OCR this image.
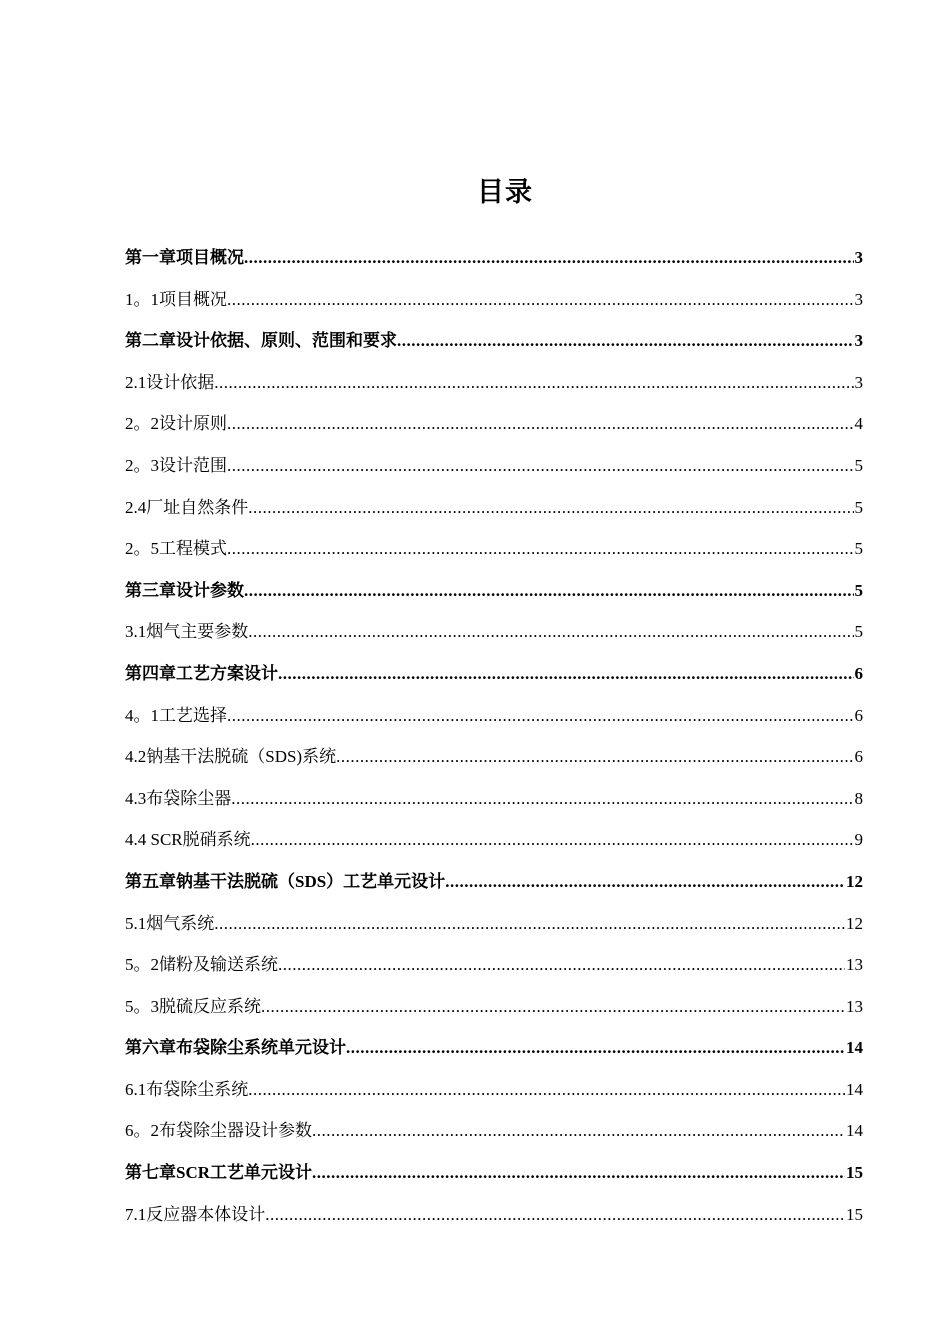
目录
第一章项目概况 .....	3
1。1项目概况 .....	3
第二章设计依据、原则、范围和要求 .....	3
2.1设计依据 .....	3
2。2设计原则 .....	4
2。3设计范围 .....	5
2.4厂址自然条件 .....	5
2。5工程模式 .....	5
第三章设计参数 .....	5
3.1烟气主要参数 .....	5
第四章工艺方案设计 .....	6
4。1工艺选择 .....	6
4.2钠基干法脱硫（SDS)系统 .....	6
4.3布袋除尘器 .....	8
4.4 SCR脱硝系统 .....	9
第五章钠基干法脱硫（SDS）工艺单元设计 .....	12
5.1烟气系统 .....	12
5。2储粉及输送系统 .....	13
5。3脱硫反应系统 .....	13
第六章布袋除尘系统单元设计 .....	14
6.1布袋除尘系统 .....	14
6。2布袋除尘器设计参数 .....	14
第七章SCR工艺单元设计 .....	15
7.1反应器本体设计 .....	15
